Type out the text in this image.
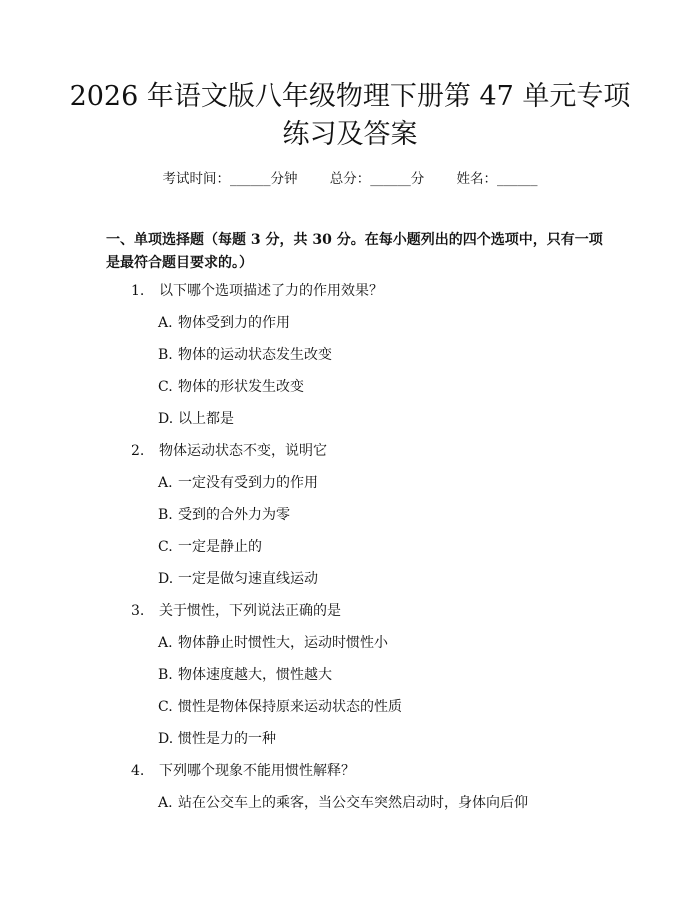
2026 年语文版八年级物理下册第 47 单元专项练习及答案
考试时间：______分钟 总分：______分 姓名：______

一、单项选择题（每题 3 分，共 30 分。在每小题列出的四个选项中，只有一项是最符合题目要求的。）

1. 以下哪个选项描述了力的作用效果？
A. 物体受到力的作用
B. 物体的运动状态发生改变
C. 物体的形状发生改变
D. 以上都是
2. 物体运动状态不变，说明它
A. 一定没有受到力的作用
B. 受到的合外力为零
C. 一定是静止的
D. 一定是做匀速直线运动
3. 关于惯性，下列说法正确的是
A. 物体静止时惯性大，运动时惯性小
B. 物体速度越大，惯性越大
C. 惯性是物体保持原来运动状态的性质
D. 惯性是力的一种
4. 下列哪个现象不能用惯性解释？
A. 站在公交车上的乘客，当公交车突然启动时，身体向后仰
